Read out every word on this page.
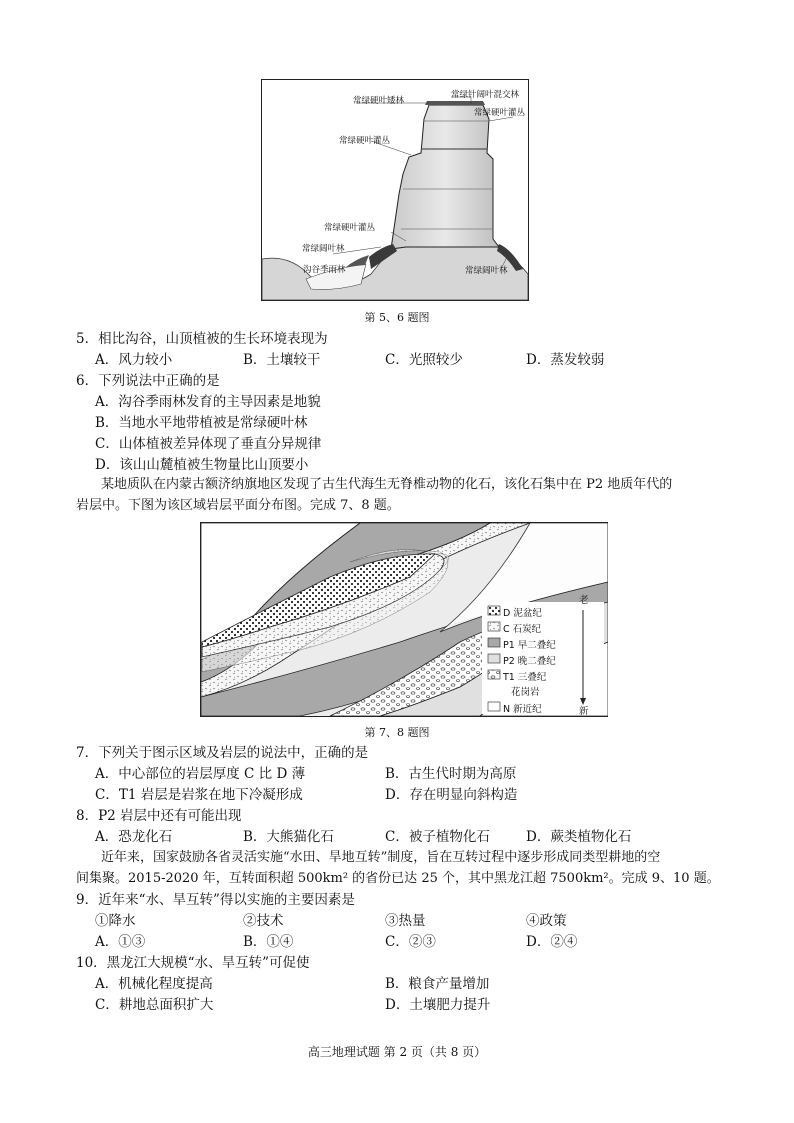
常绿硬叶矮林
常绿针阔叶混交林
常绿硬叶灌丛
常绿硬叶灌丛
常绿硬叶灌丛
常绿阔叶林
沟谷季雨林	常绿阔叶林
第 5、6 题图
5．相比沟谷，山顶植被的生长环境表现为
A．风力较小	B．土壤较干	C．光照较少	D．蒸发较弱
6．下列说法中正确的是
A．沟谷季雨林发育的主导因素是地貌
B．当地水平地带植被是常绿硬叶林
C．山体植被差异体现了垂直分异规律
D．该山山麓植被生物量比山顶要小
某地质队在内蒙古额济纳旗地区发现了古生代海生无脊椎动物的化石，该化石集中在 P2 地质年代的
岩层中。下图为该区域岩层平面分布图。完成 7、8 题。
D 泥盆纪
C 石炭纪
P1 早二叠纪
P2 晚二叠纪
T1 三叠纪
花岗岩
N 新近纪
老
新
第 7、8 题图
7．下列关于图示区域及岩层的说法中，正确的是
A．中心部位的岩层厚度 C 比 D 薄	B．古生代时期为高原
C．T1 岩层是岩浆在地下冷凝形成	D．存在明显向斜构造
8．P2 岩层中还有可能出现
A．恐龙化石	B．大熊猫化石	C．被子植物化石	D．蕨类植物化石
近年来，国家鼓励各省灵活实施“水田、旱地互转”制度，旨在互转过程中逐步形成同类型耕地的空
间集聚。2015-2020 年，互转面积超 500km² 的省份已达 25 个，其中黑龙江超 7500km²。完成 9、10 题。
9．近年来“水、旱互转”得以实施的主要因素是
①降水	②技术	③热量	④政策
A．①③	B．①④	C．②③	D．②④
10．黑龙江大规模“水、旱互转”可促使
A．机械化程度提高	B．粮食产量增加
C．耕地总面积扩大	D．土壤肥力提升
高三地理试题 第 2 页（共 8 页）
